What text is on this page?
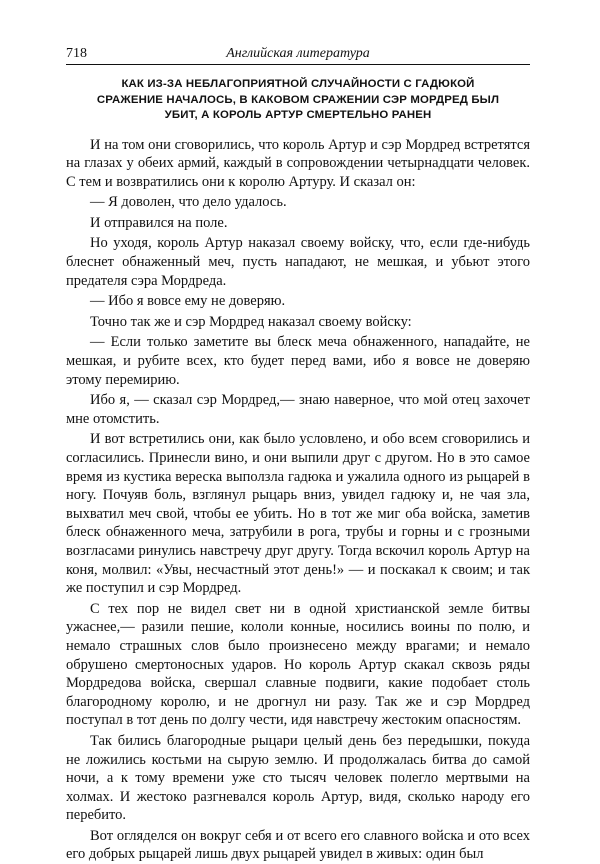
718	Английская литература
КАК ИЗ-ЗА НЕБЛАГОПРИЯТНОЙ СЛУЧАЙНОСТИ С ГАДЮКОЙ
СРАЖЕНИЕ НАЧАЛОСЬ, В КАКОВОМ СРАЖЕНИИ СЭР МОРДРЕД БЫЛ
УБИТ, А КОРОЛЬ АРТУР СМЕРТЕЛЬНО РАНЕН

И на том они сговорились, что король Артур и сэр Мордред встретятся на глазах у обеих армий, каждый в сопровождении четырнадцати человек. С тем и возвратились они к королю Артуру. И сказал он:

— Я доволен, что дело удалось.

И отправился на поле.

Но уходя, король Артур наказал своему войску, что, если где-нибудь блеснет обнаженный меч, пусть нападают, не мешкая, и убьют этого предателя сэра Мордреда.

— Ибо я вовсе ему не доверяю.

Точно так же и сэр Мордред наказал своему войску:

— Если только заметите вы блеск меча обнаженного, нападайте, не мешкая, и рубите всех, кто будет перед вами, ибо я вовсе не доверяю этому перемирию.

Ибо я, — сказал сэр Мордред,— знаю наверное, что мой отец захочет мне отомстить.

И вот встретились они, как было условлено, и обо всем сговорились и согласились. Принесли вино, и они выпили друг с другом. Но в это самое время из кустика вереска выползла гадюка и ужалила одного из рыцарей в ногу. Почуяв боль, взглянул рыцарь вниз, увидел гадюку и, не чая зла, выхватил меч свой, чтобы ее убить. Но в тот же миг оба войска, заметив блеск обнаженного меча, затрубили в рога, трубы и горны и с грозными возгласами ринулись навстречу друг другу. Тогда вскочил король Артур на коня, молвил: «Увы, несчастный этот день!» — и поскакал к своим; и так же поступил и сэр Мордред.

С тех пор не видел свет ни в одной христианской земле битвы ужаснее,— разили пешие, кололи конные, носились воины по полю, и немало страшных слов было произнесено между врагами; и немало обрушено смертоносных ударов. Но король Артур скакал сквозь ряды Мордредова войска, свершал славные подвиги, какие подобает столь благородному королю, и не дрогнул ни разу. Так же и сэр Мордред поступал в тот день по долгу чести, идя навстречу жестоким опасностям.

Так бились благородные рыцари целый день без передышки, покуда не ложились костьми на сырую землю. И продолжалась битва до самой ночи, а к тому времени уже сто тысяч человек полегло мертвыми на холмах. И жестоко разгневался король Артур, видя, сколько народу его перебито.

Вот огляделся он вокруг себя и от всего его славного войска и ото всех его добрых рыцарей лишь двух рыцарей увидел в живых: один был
